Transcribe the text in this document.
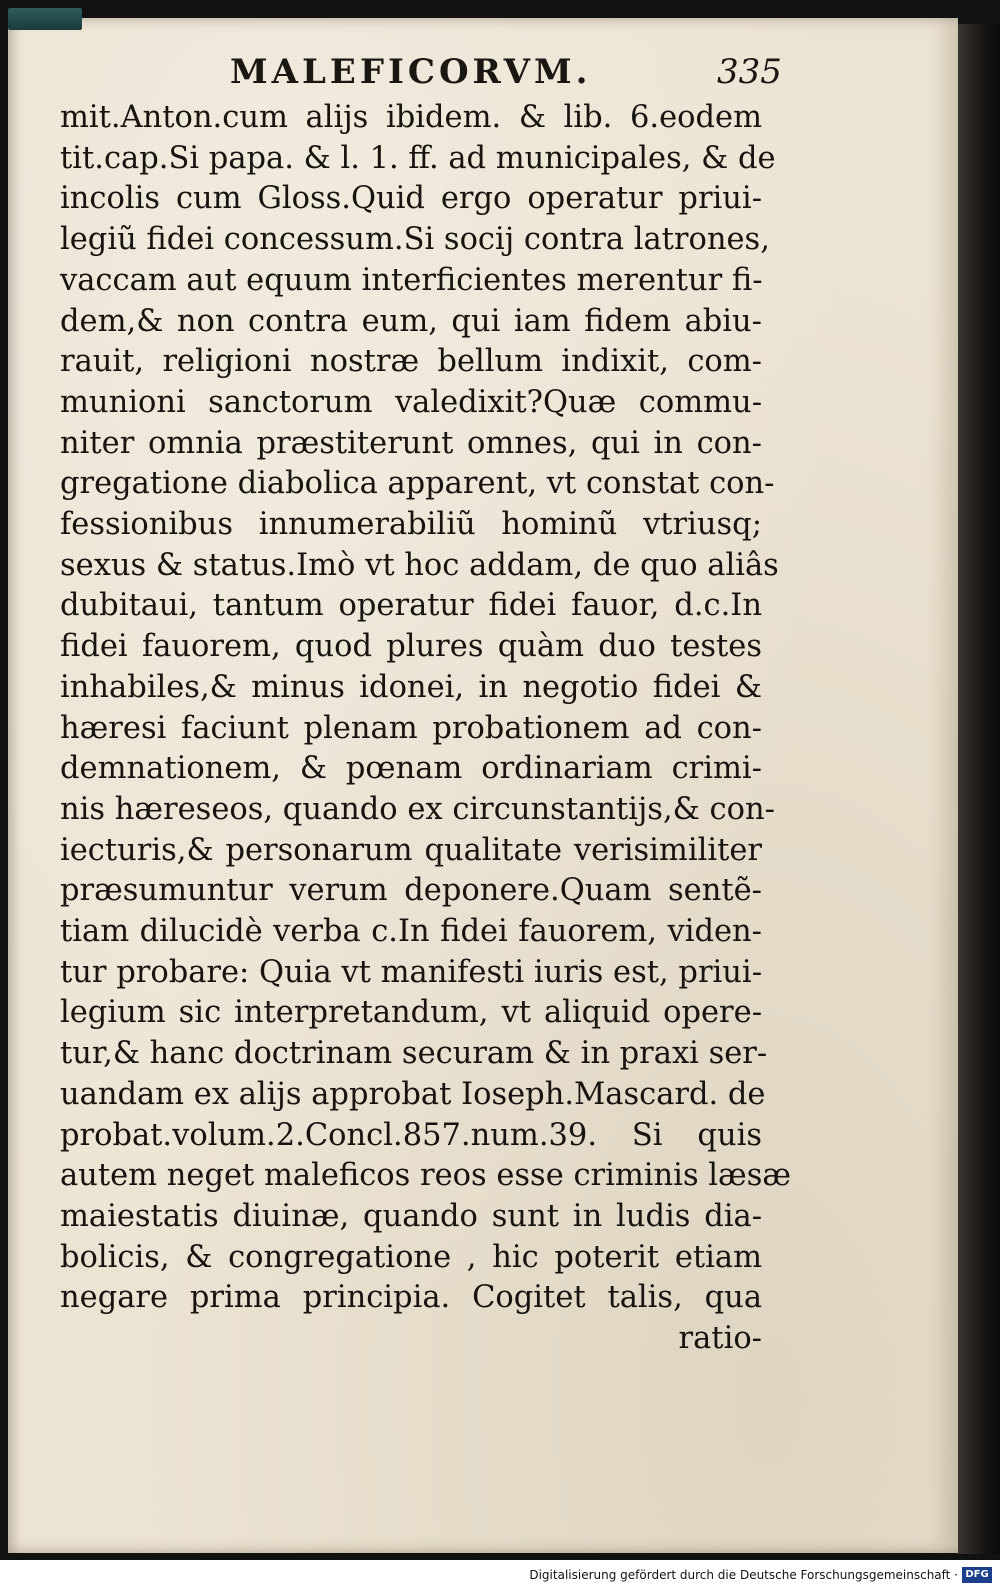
MALEFICORVM.	335
mit.Anton.cum alijs ibidem. & lib. 6.eodem
tit.cap.Si papa. & l. 1. ff. ad municipales, & de
incolis cum Gloss.Quid ergo operatur priui-
legiũ fidei concessum.Si socij contra latrones,
vaccam aut equum interficientes merentur fi-
dem,& non contra eum, qui iam fidem abiu-
rauit, religioni nostræ bellum indixit, com-
munioni sanctorum valedixit?Quæ commu-
niter omnia præstiterunt omnes, qui in con-
gregatione diabolica apparent, vt constat con-
fessionibus innumerabiliũ hominũ vtriusq;
sexus & status.Imò vt hoc addam, de quo aliâs
dubitaui, tantum operatur fidei fauor, d.c.In
fidei fauorem, quod plures quàm duo testes
inhabiles,& minus idonei, in negotio fidei &
hæresi faciunt plenam probationem ad con-
demnationem, & pœnam ordinariam crimi-
nis hæreseos, quando ex circunstantijs,& con-
iecturis,& personarum qualitate verisimiliter
præsumuntur verum deponere.Quam sentẽ-
tiam dilucidè verba c.In fidei fauorem, viden-
tur probare: Quia vt manifesti iuris est, priui-
legium sic interpretandum, vt aliquid opere-
tur,& hanc doctrinam securam & in praxi ser-
uandam ex alijs approbat Ioseph.Mascard. de
probat.volum.2.Concl.857.num.39. Si quis
autem neget maleficos reos esse criminis læsæ
maiestatis diuinæ, quando sunt in ludis dia-
bolicis, & congregatione , hic poterit etiam
negare prima principia. Cogitet talis, qua
ratio-
Digitalisierung gefördert durch die Deutsche Forschungsgemeinschaft · DFG
